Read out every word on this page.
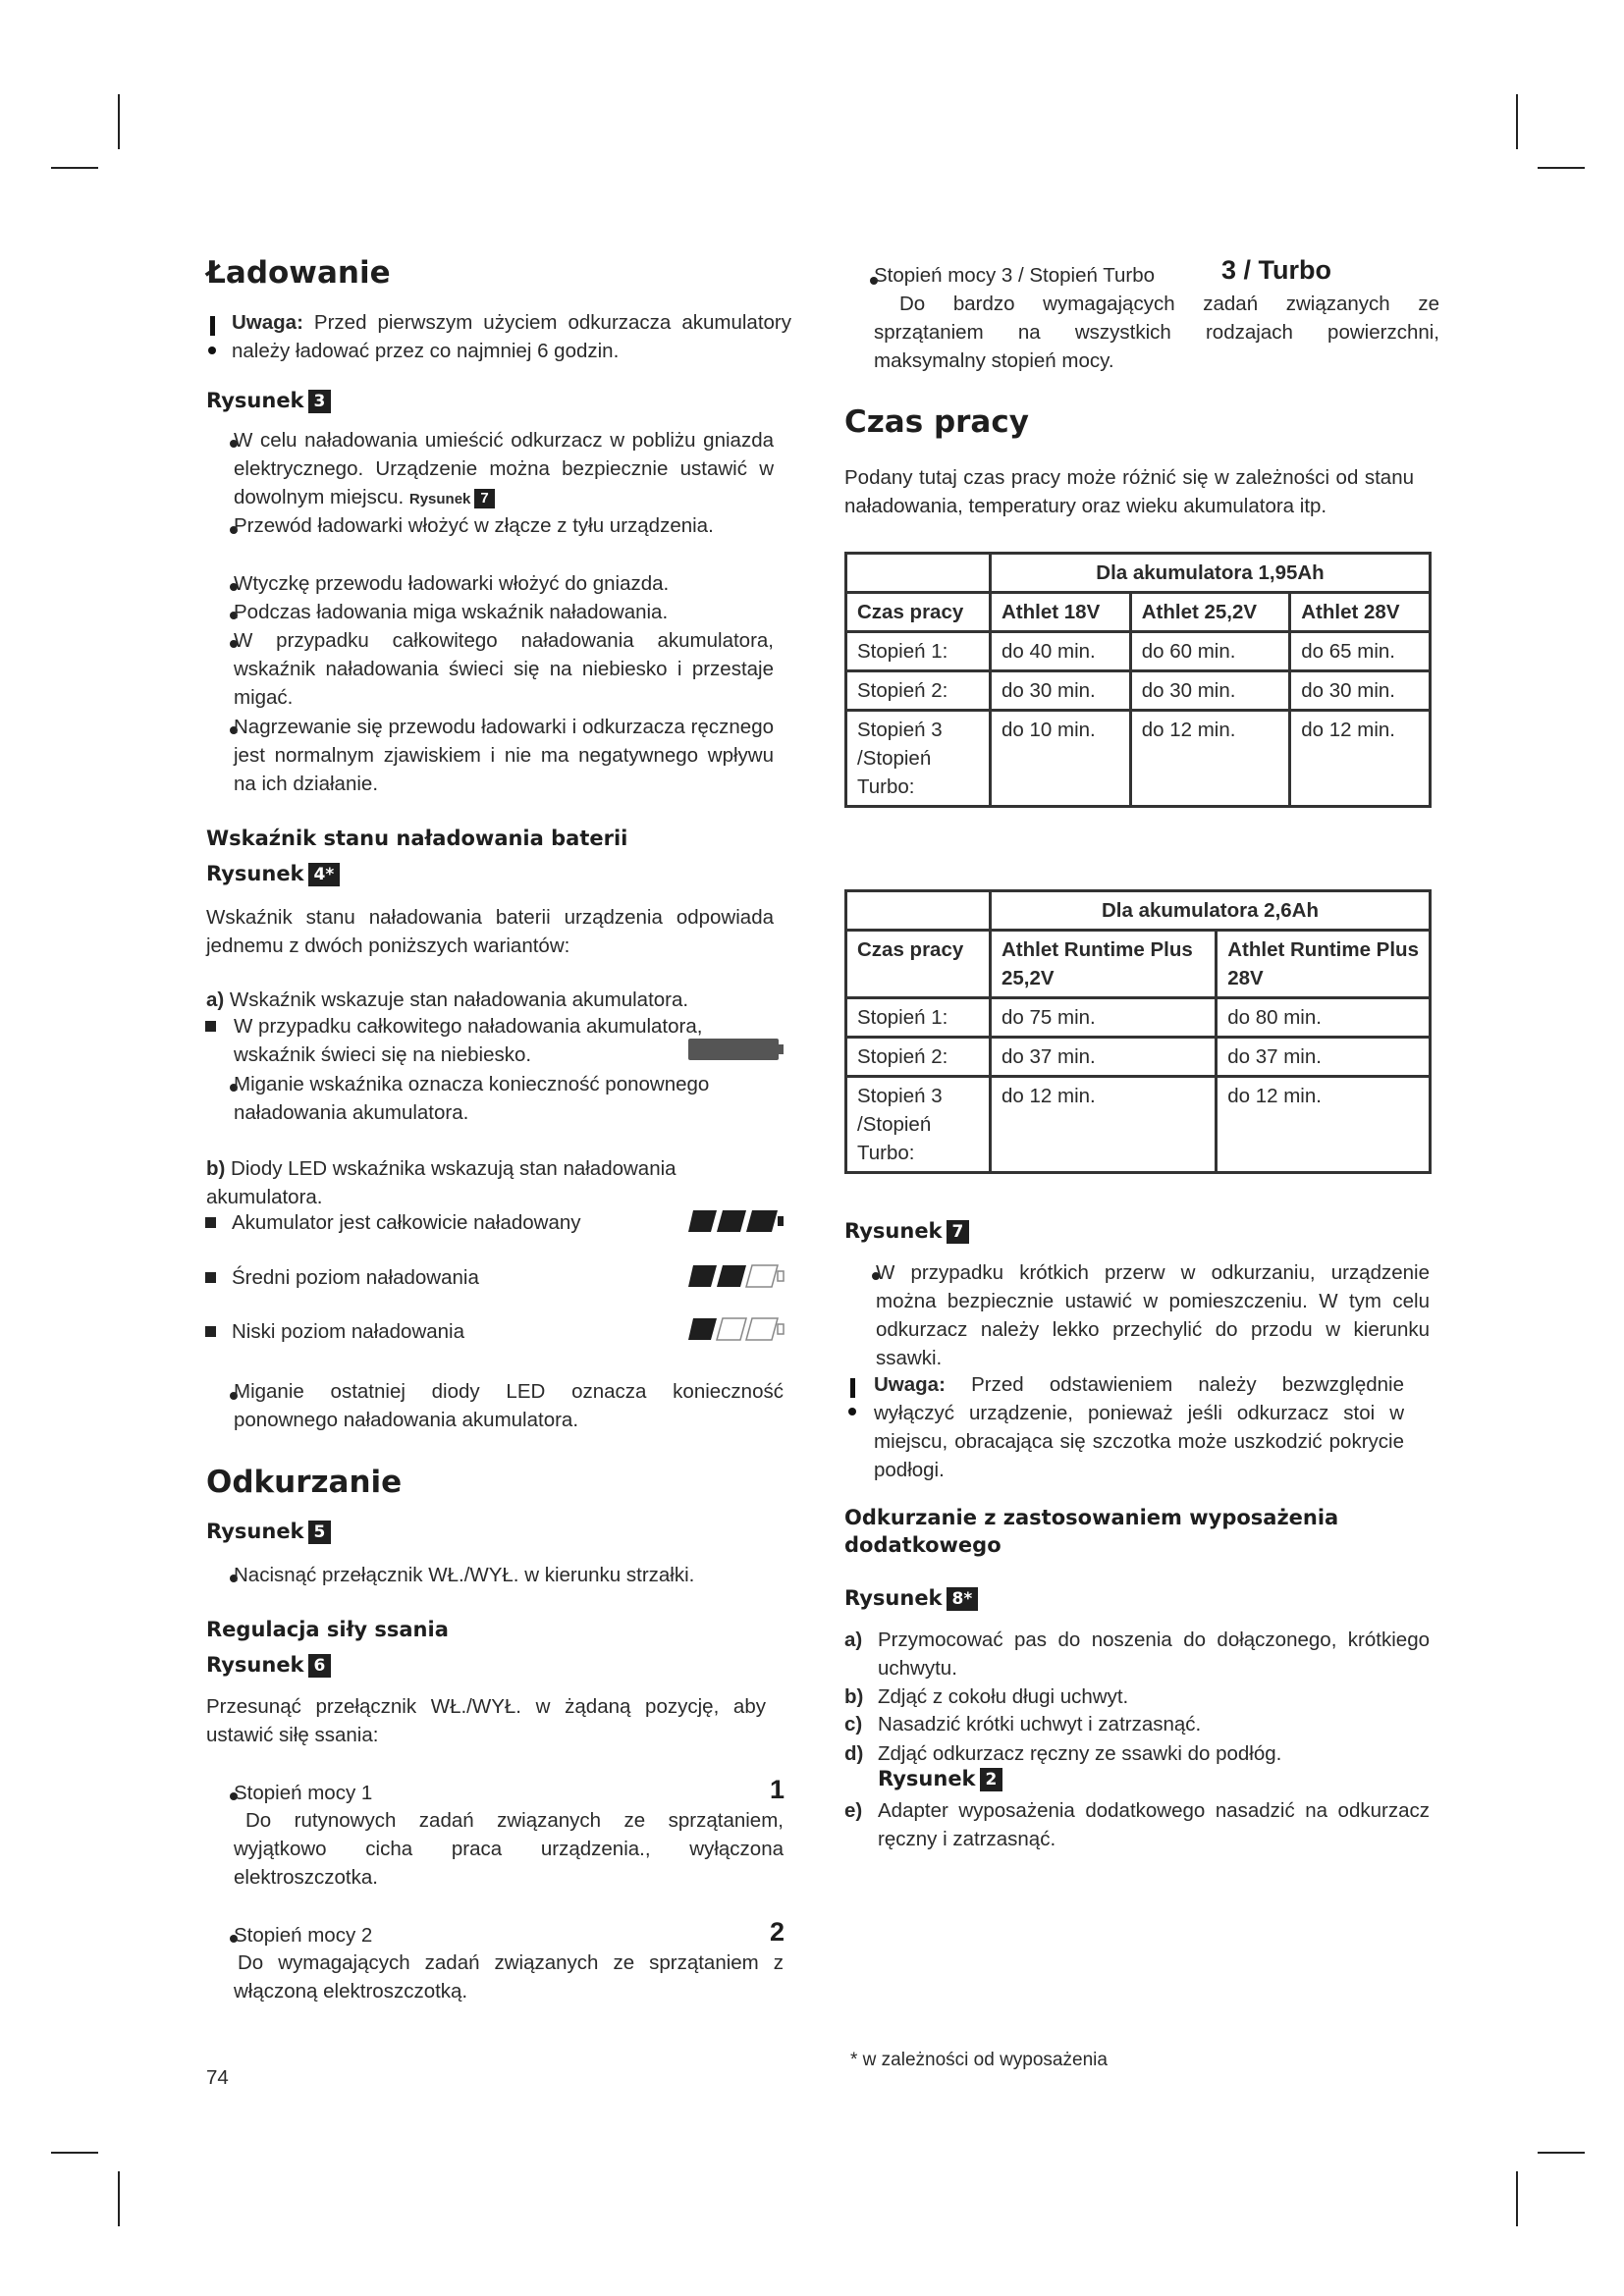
Ładowanie
Uwaga: Przed pierwszym użyciem odkurzacza akumulatory należy ładować przez co najmniej 6 godzin.
Rysunek 3
W celu naładowania umieścić odkurzacz w pobliżu gniazda elektrycznego. Urządzenie można bezpiecznie ustawić w dowolnym miejscu. Rysunek 7
Przewód ładowarki włożyć w złącze z tyłu urządzenia.
Wtyczkę przewodu ładowarki włożyć do gniazda.
Podczas ładowania miga wskaźnik naładowania.
W przypadku całkowitego naładowania akumulatora, wskaźnik naładowania świeci się na niebiesko i przestaje migać.
Nagrzewanie się przewodu ładowarki i odkurzacza ręcznego jest normalnym zjawiskiem i nie ma negatywnego wpływu na ich działanie.
Wskaźnik stanu naładowania baterii
Rysunek 4*
Wskaźnik stanu naładowania baterii urządzenia odpowiada jednemu z dwóch poniższych wariantów:
a) Wskaźnik wskazuje stan naładowania akumulatora.
W przypadku całkowitego naładowania akumulatora, wskaźnik świeci się na niebiesko.
Miganie wskaźnika oznacza konieczność ponownego naładowania akumulatora.
b) Diody LED wskaźnika wskazują stan naładowania akumulatora.
Akumulator jest całkowicie naładowany
Średni poziom naładowania
Niski poziom naładowania
Miganie ostatniej diody LED oznacza konieczność ponownego naładowania akumulatora.
Odkurzanie
Rysunek 5
Nacisnąć przełącznik WŁ./WYŁ. w kierunku strzałki.
Regulacja siły ssania
Rysunek 6
Przesunąć przełącznik WŁ./WYŁ. w żądaną pozycję, aby ustawić siłę ssania:
Stopień mocy 1	1
Do rutynowych zadań związanych ze sprzątaniem, wyjątkowo cicha praca urządzenia., wyłączona elektroszczotka.
Stopień mocy 2	2
Do wymagających zadań związanych ze sprzątaniem z włączoną elektroszczotką.
74
Stopień mocy 3 / Stopień Turbo	3 / Turbo
Do bardzo wymagających zadań związanych ze sprzątaniem na wszystkich rodzajach powierzchni, maksymalny stopień mocy.
Czas pracy
Podany tutaj czas pracy może różnić się w zależności od stanu naładowania, temperatury oraz wieku akumulatora itp.
	Dla akumulatora 1,95Ah		
Czas pracy	Athlet 18V	Athlet 25,2V	Athlet 28V
Stopień 1:	do 40 min.	do 60 min.	do 65 min.
Stopień 2:	do 30 min.	do 30 min.	do 30 min.
Stopień 3 /Stopień Turbo:	do 10 min.	do 12 min.	do 12 min.
	Dla akumulatora 2,6Ah	
Czas pracy	Athlet Runtime Plus 25,2V	Athlet Runtime Plus 28V
Stopień 1:	do 75 min.	do 80 min.
Stopień 2:	do 37 min.	do 37 min.
Stopień 3 /Stopień Turbo:	do 12 min.	do 12 min.
Rysunek 7
W przypadku krótkich przerw w odkurzaniu, urządzenie można bezpiecznie ustawić w pomieszczeniu. W tym celu odkurzacz należy lekko przechylić do przodu w kierunku ssawki.
Uwaga: Przed odstawieniem należy bezwzględnie wyłączyć urządzenie, ponieważ jeśli odkurzacz stoi w miejscu, obracająca się szczotka może uszkodzić pokrycie podłogi.
Odkurzanie z zastosowaniem wyposażenia dodatkowego
Rysunek 8*
a) Przymocować pas do noszenia do dołączonego, krótkiego uchwytu.
b) Zdjąć z cokołu długi uchwyt.
c) Nasadzić krótki uchwyt i zatrzasnąć.
d) Zdjąć odkurzacz ręczny ze ssawki do podłóg.
Rysunek 2
e) Adapter wyposażenia dodatkowego nasadzić na odkurzacz ręczny i zatrzasnąć.
* w zależności od wyposażenia
